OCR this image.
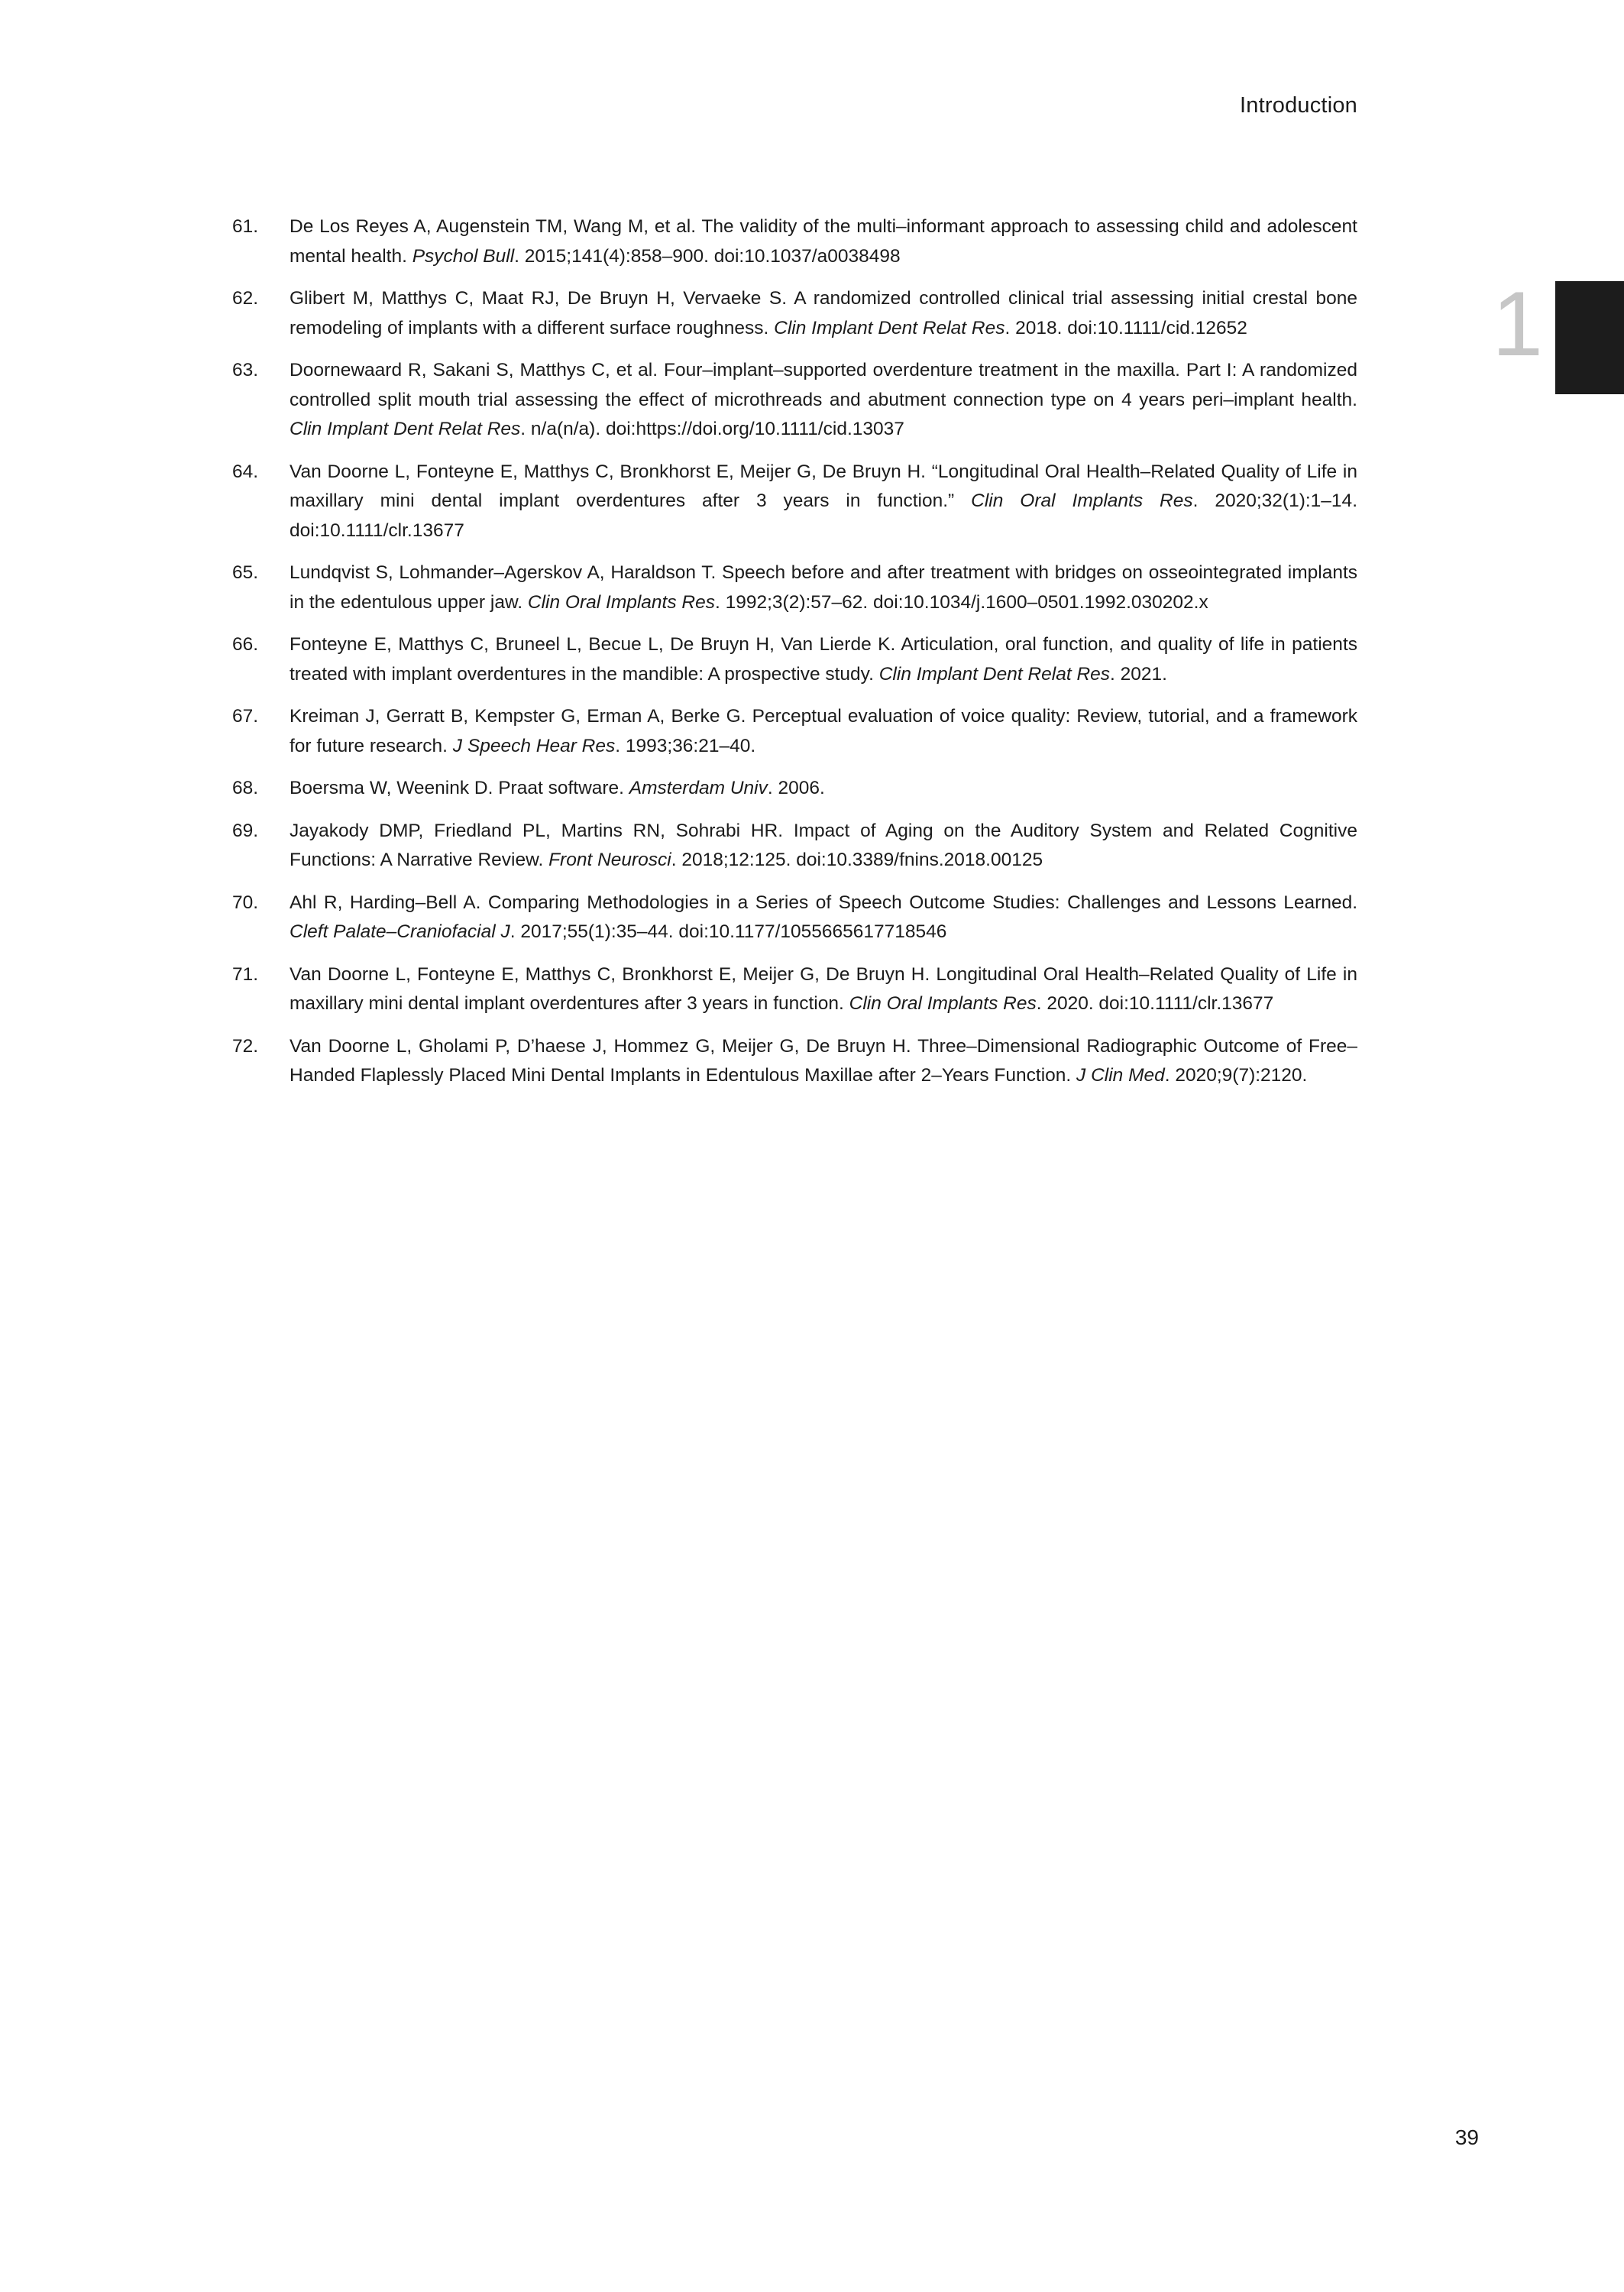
Introduction
1
61.	De Los Reyes A, Augenstein TM, Wang M, et al. The validity of the multi–informant approach to assessing child and adolescent mental health. Psychol Bull. 2015;141(4):858–900. doi:10.1037/a0038498
62.	Glibert M, Matthys C, Maat RJ, De Bruyn H, Vervaeke S. A randomized controlled clinical trial assessing initial crestal bone remodeling of implants with a different surface roughness. Clin Implant Dent Relat Res. 2018. doi:10.1111/cid.12652
63.	Doornewaard R, Sakani S, Matthys C, et al. Four–implant–supported overdenture treatment in the maxilla. Part I: A randomized controlled split mouth trial assessing the effect of microthreads and abutment connection type on 4 years peri–implant health. Clin Implant Dent Relat Res. n/a(n/a). doi:https://doi.org/10.1111/cid.13037
64.	Van Doorne L, Fonteyne E, Matthys C, Bronkhorst E, Meijer G, De Bruyn H. “Longitudinal Oral Health–Related Quality of Life in maxillary mini dental implant overdentures after 3 years in function.” Clin Oral Implants Res. 2020;32(1):1–14. doi:10.1111/clr.13677
65.	Lundqvist S, Lohmander–Agerskov A, Haraldson T. Speech before and after treatment with bridges on osseointegrated implants in the edentulous upper jaw. Clin Oral Implants Res. 1992;3(2):57–62. doi:10.1034/j.1600–0501.1992.030202.x
66.	Fonteyne E, Matthys C, Bruneel L, Becue L, De Bruyn H, Van Lierde K. Articulation, oral function, and quality of life in patients treated with implant overdentures in the mandible: A prospective study. Clin Implant Dent Relat Res. 2021.
67.	Kreiman J, Gerratt B, Kempster G, Erman A, Berke G. Perceptual evaluation of voice quality: Review, tutorial, and a framework for future research. J Speech Hear Res. 1993;36:21–40.
68.	Boersma W, Weenink D. Praat software. Amsterdam Univ. 2006.
69.	Jayakody DMP, Friedland PL, Martins RN, Sohrabi HR. Impact of Aging on the Auditory System and Related Cognitive Functions: A Narrative Review. Front Neurosci. 2018;12:125. doi:10.3389/fnins.2018.00125
70.	Ahl R, Harding–Bell A. Comparing Methodologies in a Series of Speech Outcome Studies: Challenges and Lessons Learned. Cleft Palate–Craniofacial J. 2017;55(1):35–44. doi:10.1177/1055665617718546
71.	Van Doorne L, Fonteyne E, Matthys C, Bronkhorst E, Meijer G, De Bruyn H. Longitudinal Oral Health–Related Quality of Life in maxillary mini dental implant overdentures after 3 years in function. Clin Oral Implants Res. 2020. doi:10.1111/clr.13677
72.	Van Doorne L, Gholami P, D’haese J, Hommez G, Meijer G, De Bruyn H. Three–Dimensional Radiographic Outcome of Free–Handed Flaplessly Placed Mini Dental Implants in Edentulous Maxillae after 2–Years Function. J Clin Med. 2020;9(7):2120.
39
